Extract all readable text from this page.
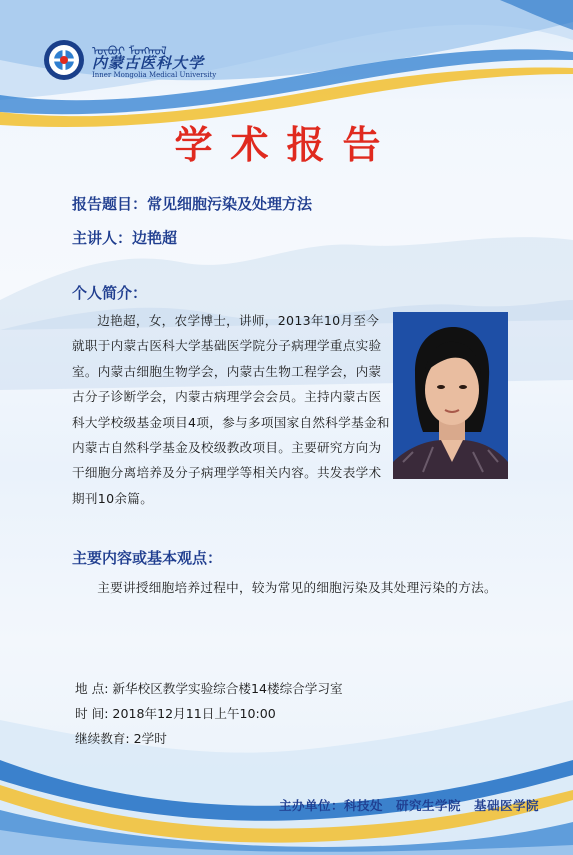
ᠥᠪᠦᠷ ᠮᠣᠩᠭᠣᠯ
内蒙古医科大学
Inner Mongolia Medical University
学术报告
报告题目：常见细胞污染及处理方法
主讲人：边艳超
个人简介：
边艳超，女，农学博士，讲师，2013年10月至今就职于内蒙古医科大学基础医学院分子病理学重点实验室。内蒙古细胞生物学会，内蒙古生物工程学会，内蒙古分子诊断学会，内蒙古病理学会会员。主持内蒙古医科大学校级基金项目4项，参与多项国家自然科学基金和内蒙古自然科学基金及校级教改项目。主要研究方向为干细胞分离培养及分子病理学等相关内容。共发表学术期刊10余篇。
主要内容或基本观点：
主要讲授细胞培养过程中，较为常见的细胞污染及其处理污染的方法。
地 点: 新华校区教学实验综合楼14楼综合学习室
时 间: 2018年12月11日上午10:00
继续教育: 2学时
主办单位：科技处　研究生学院　基础医学院
